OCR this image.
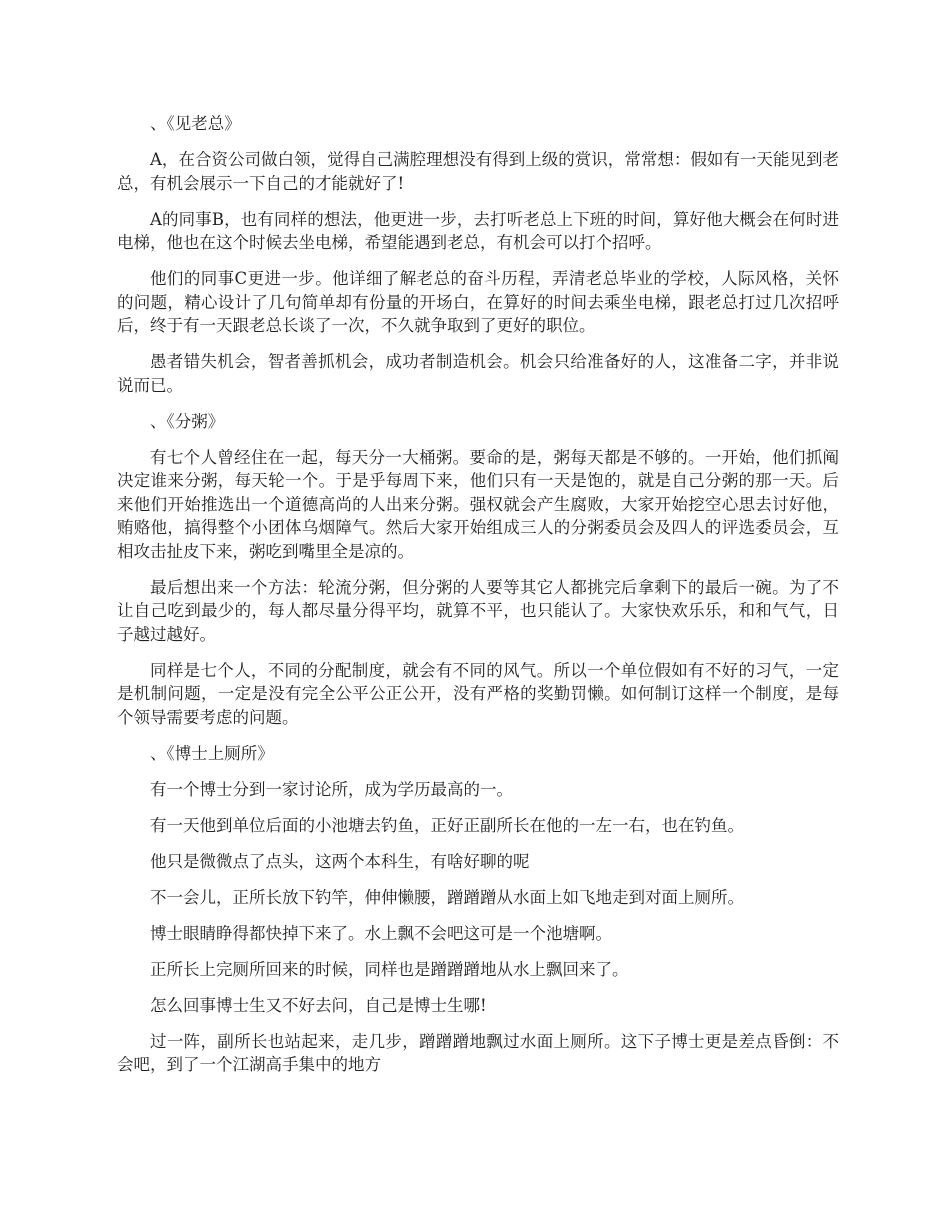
、《见老总》

A，在合资公司做白领，觉得自己满腔理想没有得到上级的赏识，常常想：假如有一天能见到老总，有机会展示一下自己的才能就好了!

A的同事B，也有同样的想法，他更进一步，去打听老总上下班的时间，算好他大概会在何时进电梯，他也在这个时候去坐电梯，希望能遇到老总，有机会可以打个招呼。

他们的同事C更进一步。他详细了解老总的奋斗历程，弄清老总毕业的学校，人际风格，关怀的问题，精心设计了几句简单却有份量的开场白，在算好的时间去乘坐电梯，跟老总打过几次招呼后，终于有一天跟老总长谈了一次，不久就争取到了更好的职位。

愚者错失机会，智者善抓机会，成功者制造机会。机会只给准备好的人，这准备二字，并非说说而已。

、《分粥》

有七个人曾经住在一起，每天分一大桶粥。要命的是，粥每天都是不够的。一开始，他们抓阄决定谁来分粥，每天轮一个。于是乎每周下来，他们只有一天是饱的，就是自己分粥的那一天。后来他们开始推选出一个道德高尚的人出来分粥。强权就会产生腐败，大家开始挖空心思去讨好他，贿赂他，搞得整个小团体乌烟障气。然后大家开始组成三人的分粥委员会及四人的评选委员会，互相攻击扯皮下来，粥吃到嘴里全是凉的。

最后想出来一个方法：轮流分粥，但分粥的人要等其它人都挑完后拿剩下的最后一碗。为了不让自己吃到最少的，每人都尽量分得平均，就算不平，也只能认了。大家快欢乐乐，和和气气，日子越过越好。

同样是七个人，不同的分配制度，就会有不同的风气。所以一个单位假如有不好的习气，一定是机制问题，一定是没有完全公平公正公开，没有严格的奖勤罚懒。如何制订这样一个制度，是每个领导需要考虑的问题。

、《博士上厕所》

有一个博士分到一家讨论所，成为学历最高的一。

有一天他到单位后面的小池塘去钓鱼，正好正副所长在他的一左一右，也在钓鱼。

他只是微微点了点头，这两个本科生，有啥好聊的呢

不一会儿，正所长放下钓竿，伸伸懒腰，蹭蹭蹭从水面上如飞地走到对面上厕所。

博士眼睛睁得都快掉下来了。水上飘不会吧这可是一个池塘啊。

正所长上完厕所回来的时候，同样也是蹭蹭蹭地从水上飘回来了。

怎么回事博士生又不好去问，自己是博士生哪!

过一阵，副所长也站起来，走几步，蹭蹭蹭地飘过水面上厕所。这下子博士更是差点昏倒：不会吧，到了一个江湖高手集中的地方
